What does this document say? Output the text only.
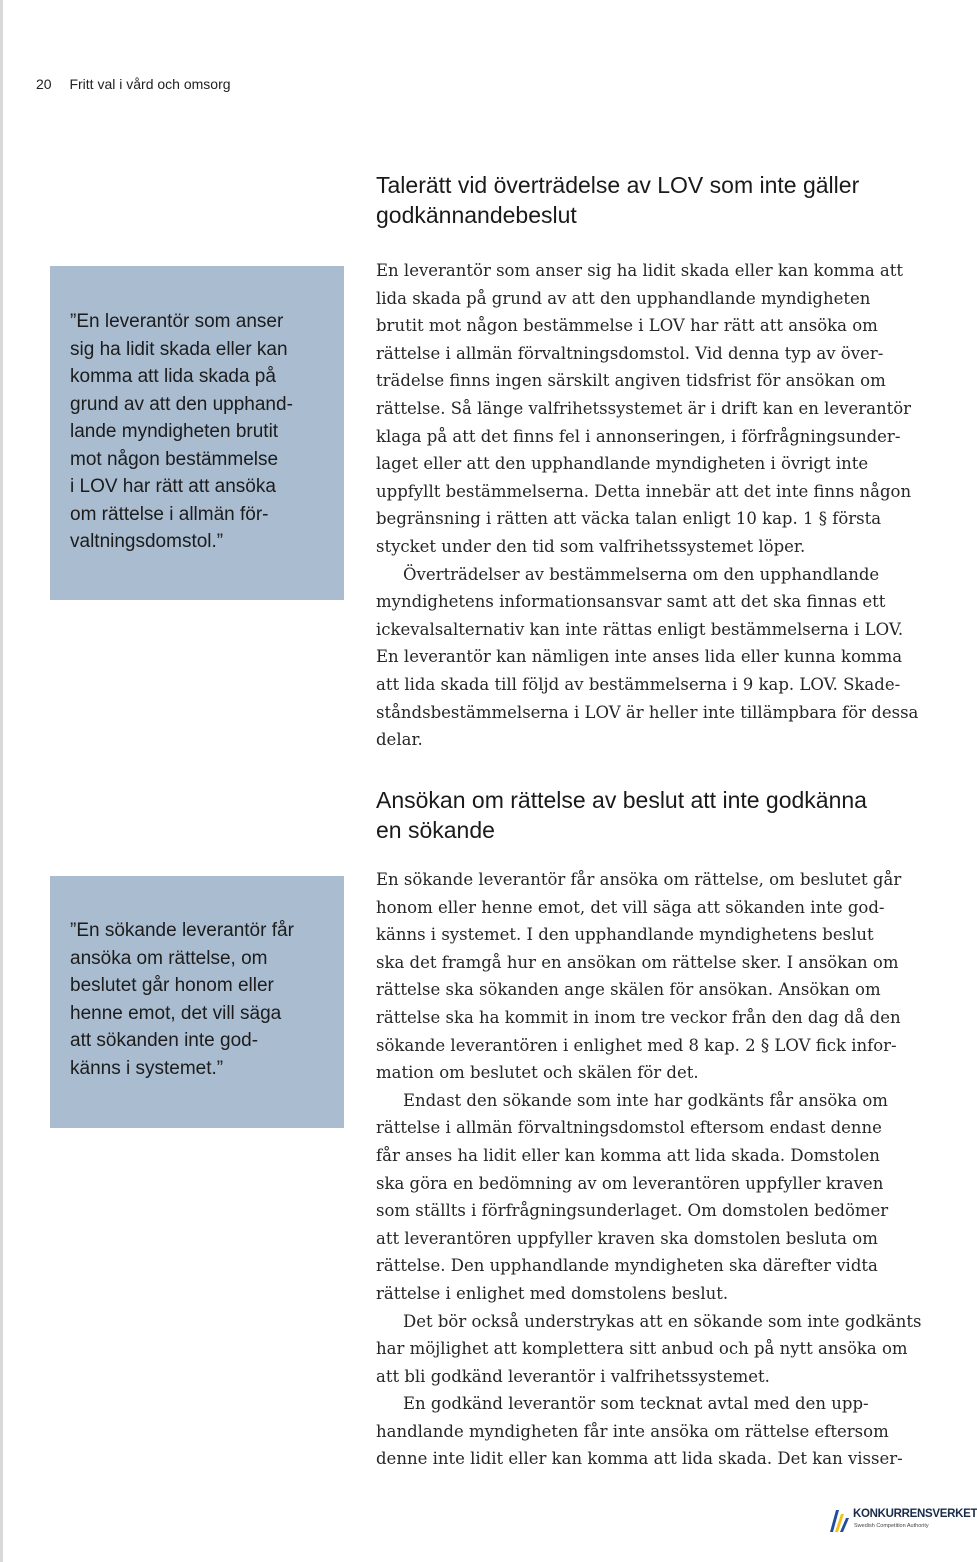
20 Fritt val i vård och omsorg
”En leverantör som anser
sig ha lidit skada eller kan
komma att lida skada på
grund av att den upphand-
lande myndigheten brutit
mot någon bestämmelse
i LOV har rätt att ansöka
om rättelse i allmän för-
valtningsdomstol.”
”En sökande leverantör får
ansöka om rättelse, om
beslutet går honom eller
henne emot, det vill säga
att sökanden inte god-
känns i systemet.”
Talerätt vid överträdelse av LOV som inte gäller
godkännandebeslut
En leverantör som anser sig ha lidit skada eller kan komma att
lida skada på grund av att den upphandlande myndigheten
brutit mot någon bestämmelse i LOV har rätt att ansöka om
rättelse i allmän förvaltningsdomstol. Vid denna typ av över-
trädelse finns ingen särskilt angiven tidsfrist för ansökan om
rättelse. Så länge valfrihetssystemet är i drift kan en leverantör
klaga på att det finns fel i annonseringen, i förfrågningsunder-
laget eller att den upphandlande myndigheten i övrigt inte
uppfyllt bestämmelserna. Detta innebär att det inte finns någon
begränsning i rätten att väcka talan enligt 10 kap. 1 § första
stycket under den tid som valfrihetssystemet löper.
Överträdelser av bestämmelserna om den upphandlande
myndighetens informationsansvar samt att det ska finnas ett
ickevalsalternativ kan inte rättas enligt bestämmelserna i LOV.
En leverantör kan nämligen inte anses lida eller kunna komma
att lida skada till följd av bestämmelserna i 9 kap. LOV. Skade-
ståndsbestämmelserna i LOV är heller inte tillämpbara för dessa
delar.
Ansökan om rättelse av beslut att inte godkänna
en sökande
En sökande leverantör får ansöka om rättelse, om beslutet går
honom eller henne emot, det vill säga att sökanden inte god-
känns i systemet. I den upphandlande myndighetens beslut
ska det framgå hur en ansökan om rättelse sker. I ansökan om
rättelse ska sökanden ange skälen för ansökan. Ansökan om
rättelse ska ha kommit in inom tre veckor från den dag då den
sökande leverantören i enlighet med 8 kap. 2 § LOV fick infor-
mation om beslutet och skälen för det.
Endast den sökande som inte har godkänts får ansöka om
rättelse i allmän förvaltningsdomstol eftersom endast denne
får anses ha lidit eller kan komma att lida skada. Domstolen
ska göra en bedömning av om leverantören uppfyller kraven
som ställts i förfrågningsunderlaget. Om domstolen bedömer
att leverantören uppfyller kraven ska domstolen besluta om
rättelse. Den upphandlande myndigheten ska därefter vidta
rättelse i enlighet med domstolens beslut.
Det bör också understrykas att en sökande som inte godkänts
har möjlighet att komplettera sitt anbud och på nytt ansöka om
att bli godkänd leverantör i valfrihetssystemet.
En godkänd leverantör som tecknat avtal med den upp-
handlande myndigheten får inte ansöka om rättelse eftersom
denne inte lidit eller kan komma att lida skada. Det kan visser-
KONKURRENSVERKET
Swedish Competition Authority
